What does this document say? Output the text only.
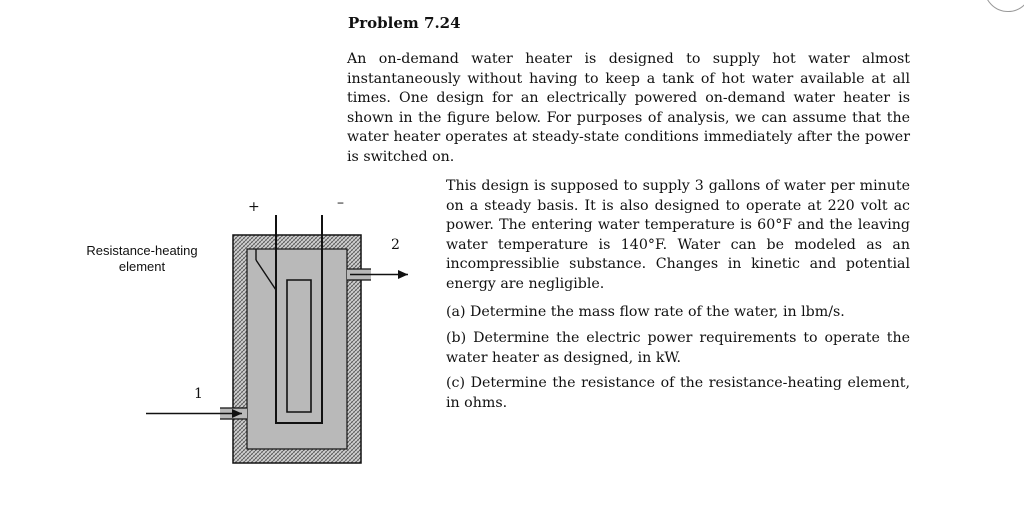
Problem 7.24

An on-demand water heater is designed to supply hot water almost instantaneously without having to keep a tank of hot water available at all times. One design for an electrically powered on-demand water heater is shown in the figure below. For purposes of analysis, we can assume that the water heater operates at steady-state conditions immediately after the power is switched on.

This design is supposed to supply 3 gallons of water per minute on a steady basis. It is also designed to operate at 220 volt ac power. The entering water temperature is 60°F and the leaving water temperature is 140°F. Water can be modeled as an incompressiblie substance. Changes in kinetic and potential energy are negligible.

(a) Determine the mass flow rate of the water, in lbm/s.

(b) Determine the electric power requirements to operate the water heater as designed, in kW.

(c) Determine the resistance of the resistance-heating element, in ohms.

+	–
2
1
Resistance-heating
element
